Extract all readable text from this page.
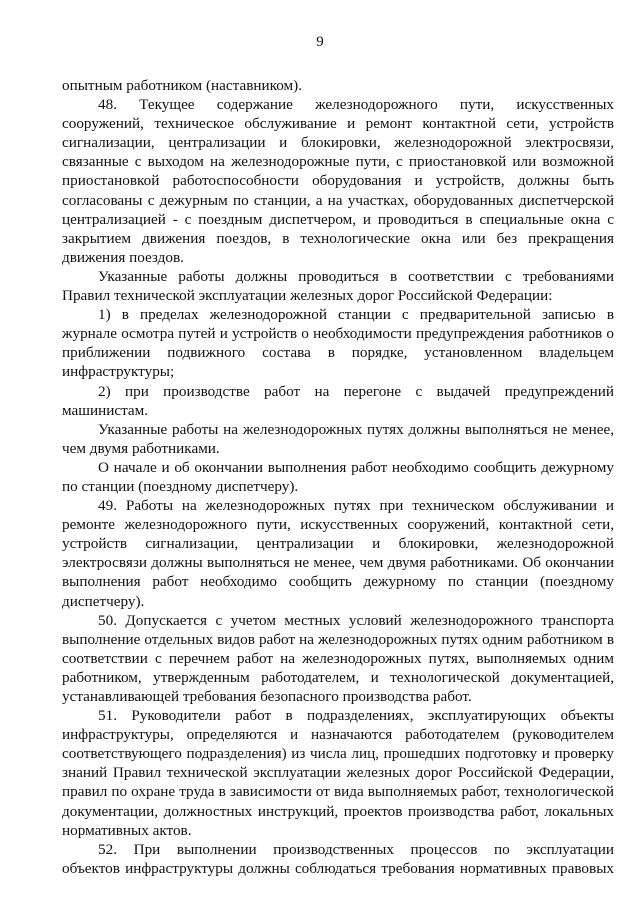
9
опытным работником (наставником).
48. Текущее содержание железнодорожного пути, искусственных
сооружений, техническое обслуживание и ремонт контактной сети, устройств
сигнализации, централизации и блокировки, железнодорожной электросвязи,
связанные с выходом на железнодорожные пути, с приостановкой или возможной
приостановкой работоспособности оборудования и устройств, должны быть
согласованы с дежурным по станции, а на участках, оборудованных диспетчерской
централизацией - с поездным диспетчером, и проводиться в специальные окна с
закрытием движения поездов, в технологические окна или без прекращения
движения поездов.
Указанные работы должны проводиться в соответствии с требованиями
Правил технической эксплуатации железных дорог Российской Федерации:
1) в пределах железнодорожной станции с предварительной записью в
журнале осмотра путей и устройств о необходимости предупреждения работников о
приближении подвижного состава в порядке, установленном владельцем
инфраструктуры;
2) при производстве работ на перегоне с выдачей предупреждений
машинистам.
Указанные работы на железнодорожных путях должны выполняться не менее,
чем двумя работниками.
О начале и об окончании выполнения работ необходимо сообщить дежурному
по станции (поездному диспетчеру).
49. Работы на железнодорожных путях при техническом обслуживании и
ремонте железнодорожного пути, искусственных сооружений, контактной сети,
устройств сигнализации, централизации и блокировки, железнодорожной
электросвязи должны выполняться не менее, чем двумя работниками. Об окончании
выполнения работ необходимо сообщить дежурному по станции (поездному
диспетчеру).
50. Допускается с учетом местных условий железнодорожного транспорта
выполнение отдельных видов работ на железнодорожных путях одним работником в
соответствии с перечнем работ на железнодорожных путях, выполняемых одним
работником, утвержденным работодателем, и технологической документацией,
устанавливающей требования безопасного производства работ.
51. Руководители работ в подразделениях, эксплуатирующих объекты
инфраструктуры, определяются и назначаются работодателем (руководителем
соответствующего подразделения) из числа лиц, прошедших подготовку и проверку
знаний Правил технической эксплуатации железных дорог Российской Федерации,
правил по охране труда в зависимости от вида выполняемых работ, технологической
документации, должностных инструкций, проектов производства работ, локальных
нормативных актов.
52. При выполнении производственных процессов по эксплуатации
объектов инфраструктуры должны соблюдаться требования нормативных правовых
